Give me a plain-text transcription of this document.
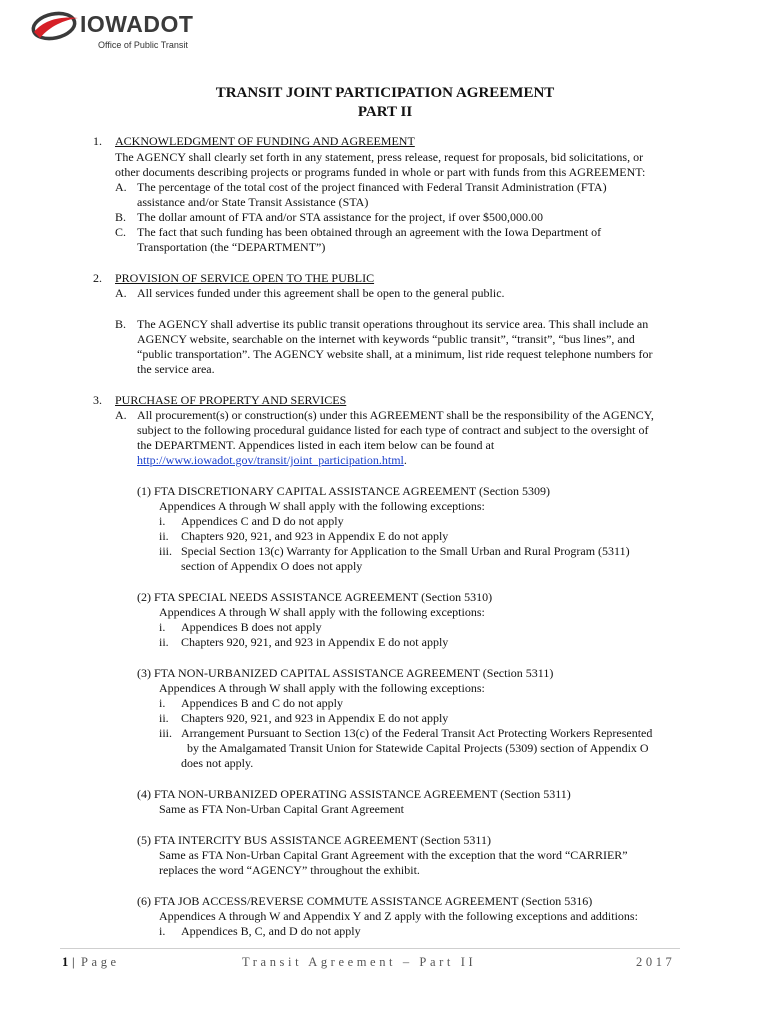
IOWADOT
Office of Public Transit
TRANSIT JOINT PARTICIPATION AGREEMENT
PART II
1. ACKNOWLEDGMENT OF FUNDING AND AGREEMENT
The AGENCY shall clearly set forth in any statement, press release, request for proposals, bid solicitations, or
other documents describing projects or programs funded in whole or part with funds from this AGREEMENT:
A. The percentage of the total cost of the project financed with Federal Transit Administration (FTA)
assistance and/or State Transit Assistance (STA)
B. The dollar amount of FTA and/or STA assistance for the project, if over $500,000.00
C. The fact that such funding has been obtained through an agreement with the Iowa Department of
Transportation (the “DEPARTMENT”)
2. PROVISION OF SERVICE OPEN TO THE PUBLIC
A. All services funded under this agreement shall be open to the general public.
B. The AGENCY shall advertise its public transit operations throughout its service area. This shall include an
AGENCY website, searchable on the internet with keywords “public transit”, “transit”, “bus lines”, and
“public transportation”. The AGENCY website shall, at a minimum, list ride request telephone numbers for
the service area.
3. PURCHASE OF PROPERTY AND SERVICES
A. All procurement(s) or construction(s) under this AGREEMENT shall be the responsibility of the AGENCY,
subject to the following procedural guidance listed for each type of contract and subject to the oversight of
the DEPARTMENT. Appendices listed in each item below can be found at
http://www.iowadot.gov/transit/joint_participation.html.
(1) FTA DISCRETIONARY CAPITAL ASSISTANCE AGREEMENT (Section 5309)
Appendices A through W shall apply with the following exceptions:
i. Appendices C and D do not apply
ii. Chapters 920, 921, and 923 in Appendix E do not apply
iii. Special Section 13(c) Warranty for Application to the Small Urban and Rural Program (5311)
section of Appendix O does not apply
(2) FTA SPECIAL NEEDS ASSISTANCE AGREEMENT (Section 5310)
Appendices A through W shall apply with the following exceptions:
i. Appendices B does not apply
ii. Chapters 920, 921, and 923 in Appendix E do not apply
(3) FTA NON-URBANIZED CAPITAL ASSISTANCE AGREEMENT (Section 5311)
Appendices A through W shall apply with the following exceptions:
i. Appendices B and C do not apply
ii. Chapters 920, 921, and 923 in Appendix E do not apply
iii. Arrangement Pursuant to Section 13(c) of the Federal Transit Act Protecting Workers Represented
by the Amalgamated Transit Union for Statewide Capital Projects (5309) section of Appendix O
does not apply.
(4) FTA NON-URBANIZED OPERATING ASSISTANCE AGREEMENT (Section 5311)
Same as FTA Non-Urban Capital Grant Agreement
(5) FTA INTERCITY BUS ASSISTANCE AGREEMENT (Section 5311)
Same as FTA Non-Urban Capital Grant Agreement with the exception that the word “CARRIER”
replaces the word “AGENCY” throughout the exhibit.
(6) FTA JOB ACCESS/REVERSE COMMUTE ASSISTANCE AGREEMENT (Section 5316)
Appendices A through W and Appendix Y and Z apply with the following exceptions and additions:
i. Appendices B, C, and D do not apply
1 | Page	Transit Agreement – Part II	2017
